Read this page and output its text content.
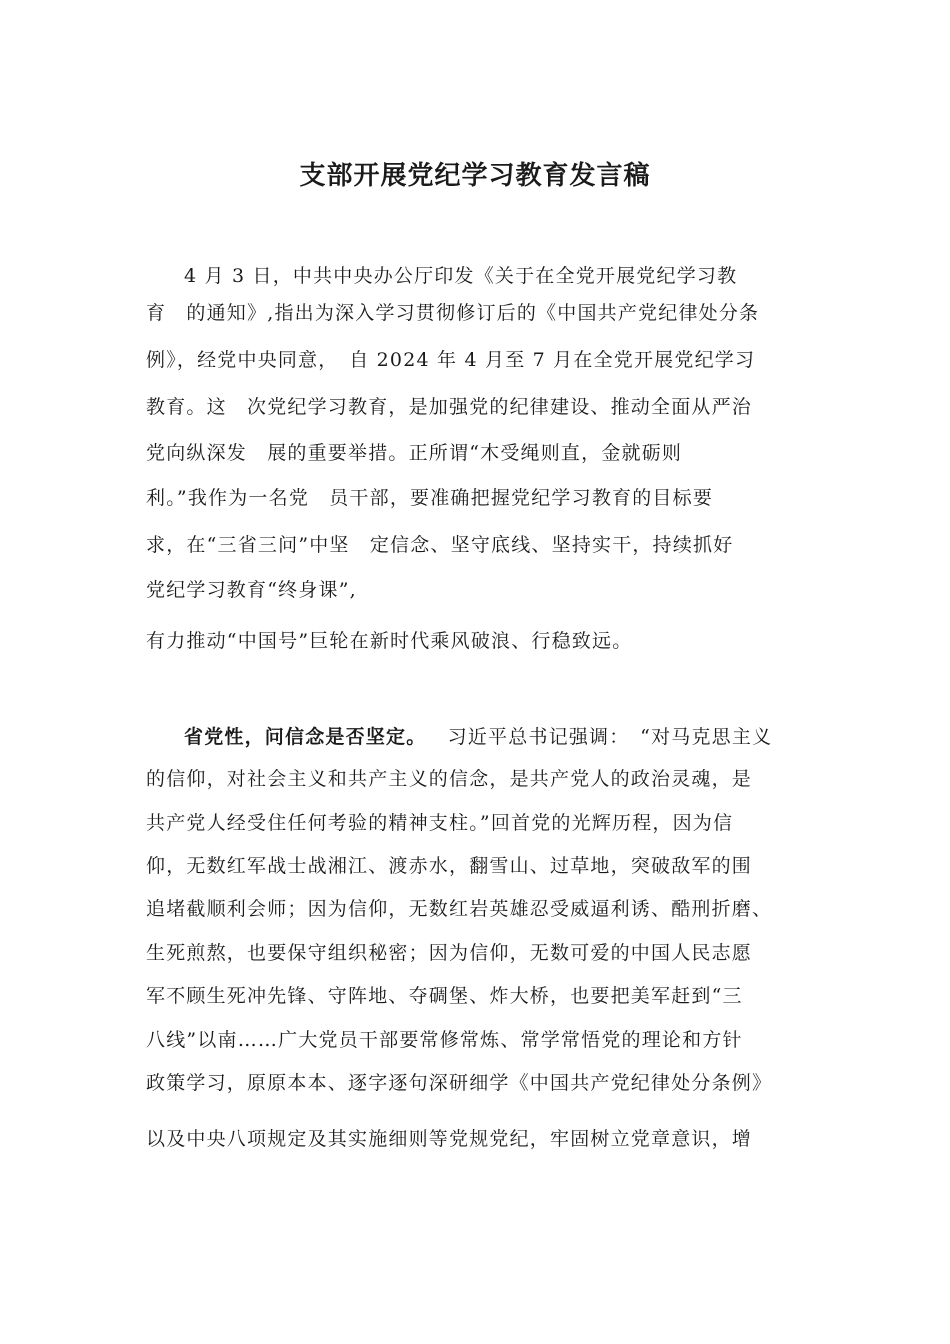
支部开展党纪学习教育发言稿
4 月 3 日，中共中央办公厅印发《关于在全党开展党纪学习教
育　的通知》,指出为深入学习贯彻修订后的《中国共产党纪律处分条
例》，经党中央同意，　自 2024 年 4 月至 7 月在全党开展党纪学习
教育。这　次党纪学习教育，是加强党的纪律建设、推动全面从严治
党向纵深发　展的重要举措。正所谓“木受绳则直，金就砺则
利。”我作为一名党　员干部，要准确把握党纪学习教育的目标要
求，在“三省三问”中坚　定信念、坚守底线、坚持实干，持续抓好
党纪学习教育“终身课”,
有力推动“中国号”巨轮在新时代乘风破浪、行稳致远。
省党性，问信念是否坚定。 习近平总书记强调：　“对马克思主义
的信仰，对社会主义和共产主义的信念，是共产党人的政治灵魂，是
共产党人经受住任何考验的精神支柱。”回首党的光辉历程，因为信
仰，无数红军战士战湘江、渡赤水，翻雪山、过草地，突破敌军的围
追堵截顺利会师；因为信仰，无数红岩英雄忍受威逼利诱、酷刑折磨、
生死煎熬，也要保守组织秘密；因为信仰，无数可爱的中国人民志愿
军不顾生死冲先锋、守阵地、夺碉堡、炸大桥，也要把美军赶到“三
八线”以南……广大党员干部要常修常炼、常学常悟党的理论和方针
政策学习，原原本本、逐字逐句深研细学《中国共产党纪律处分条例》
以及中央八项规定及其实施细则等党规党纪，牢固树立党章意识，增
